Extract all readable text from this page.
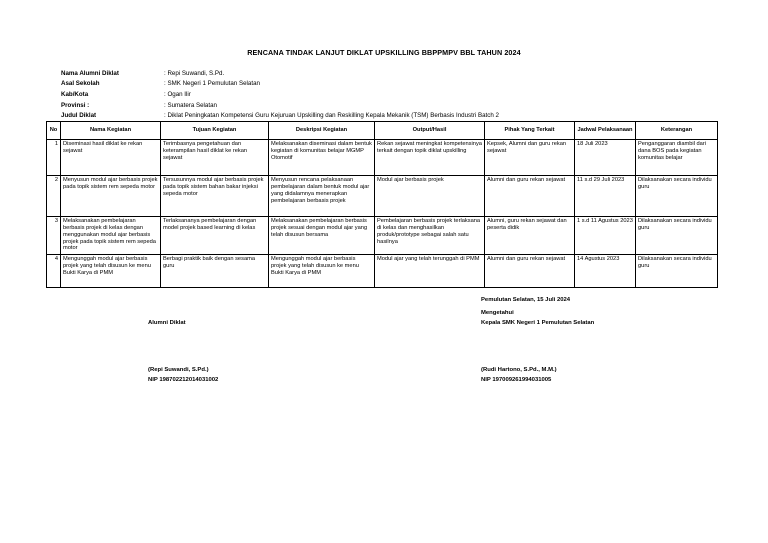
RENCANA TINDAK LANJUT DIKLAT UPSKILLING BBPPMPV BBL TAHUN 2024
Nama Alumni Diklat	: Repi Suwandi, S.Pd.
Asal Sekolah	: SMK Negeri 1 Pemulutan Selatan
Kab/Kota	: Ogan Ilir
Provinsi :	: Sumatera Selatan
Judul Diklat	: Diklat Peningkatan Kompetensi Guru Kejuruan Upskilling dan Reskilling Kepala Mekanik (TSM) Berbasis Industri Batch 2
No	Nama Kegiatan	Tujuan Kegiatan	Deskripsi Kegiatan	Output/Hasil	Pihak Yang Terkait	Jadwal Pelaksanaan	Keterangan
1	Diseminasi hasil diklat ke rekan sejawat	Terimbasnya pengetahuan dan keterampilan hasil diklat ke rekan sejawat	Melaksanakan diseminasi dalam bentuk kegiatan di komunitas belajar MGMP Otomotif	Rekan sejawat meningkat kompetensinya terkait dengan topik diklat upskilling	Kepsek, Alumni dan guru rekan sejawat	18 Juli 2023	Penganggaran diambil dari dana BOS pada kegiatan komunitas belajar
2	Menyusun modul ajar berbasis projek pada topik sistem rem sepeda motor	Tersusunnya modul ajar berbasis projek pada topik sistem bahan bakar injeksi sepeda motor	Menyusun rencana pelaksanaan pembelajaran dalam bentuk modul ajar yang didalamnya menerapkan pembelajaran berbasis projek	Modul ajar berbasis projek	Alumni dan guru rekan sejawat	11 s.d 29 Juli 2023	Dilaksanakan secara individu guru
3	Melaksanakan pembelajaran berbasis projek di kelas dengan menggunakan modul ajar berbasis projek pada topik sistem rem sepeda motor	Terlaksananya pembelajaran dengan model projek based learning di kelas	Melaksanakan pembelajaran berbasis projek sesuai dengan modul ajar yang telah disusun bersama	Pembelajaran berbasis projek terlaksana di kelas dan menghasilkan produk/prototype sebagai salah satu hasilnya	Alumni, guru rekan sejawat dan peserta didik	1 s.d 11 Agustus 2023	Dilaksanakan secara individu guru
4	Mengunggah modul ajar berbasis projek yang telah disusun ke menu Bukti Karya di PMM	Berbagi praktik baik dengan sesama guru	Mengunggah modul ajar berbasis projek yang telah disusun ke menu Bukti Karya di PMM	Modul ajar yang telah terunggah di PMM	Alumni dan guru rekan sejawat	14 Agustus 2023	Dilaksanakan secara individu guru
Pemulutan Selatan, 15 Juli 2024
Mengetahui
Alumni Diklat	Kepala SMK Negeri 1 Pemulutan Selatan
(Repi Suwandi, S.Pd.)
NIP 198702212014031002
(Rudi Hartono, S.Pd., M.M.)
NIP 197009261994031005
